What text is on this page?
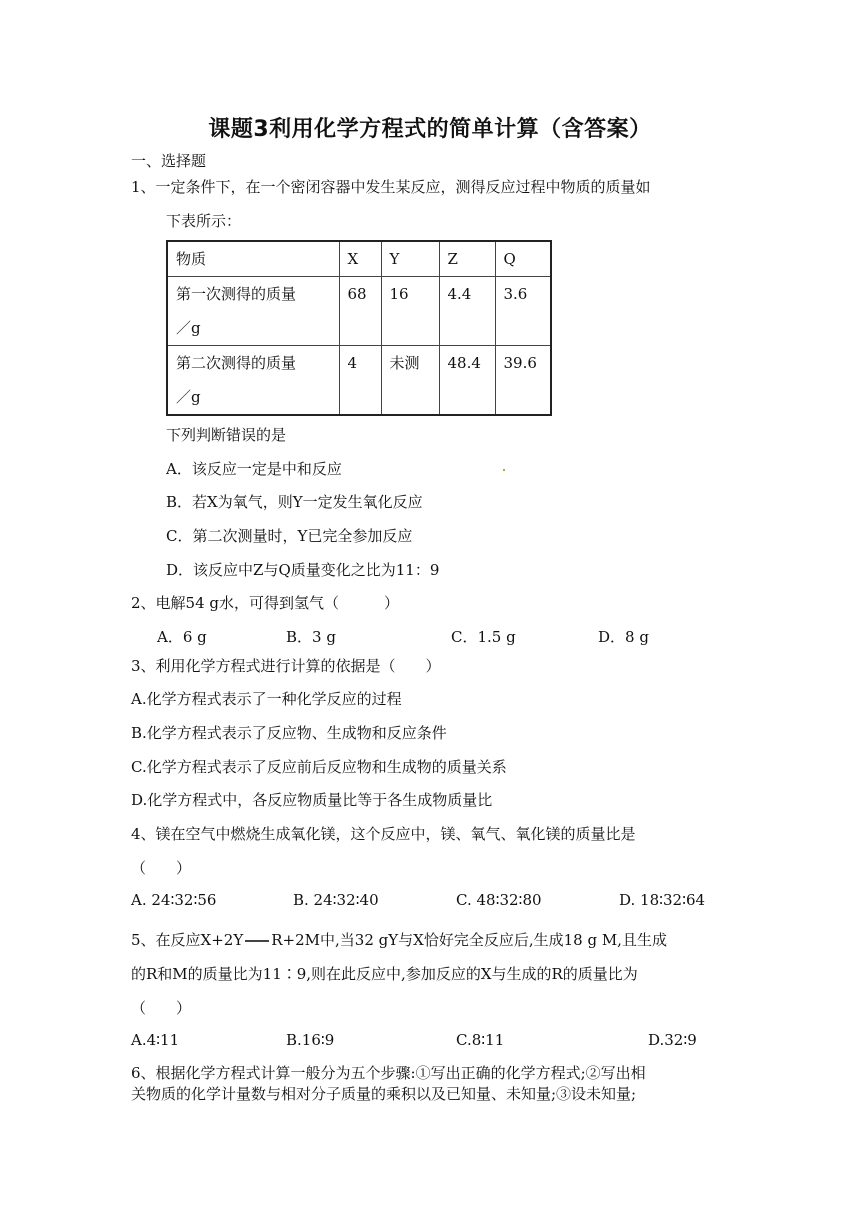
课题3利用化学方程式的简单计算（含答案）
一、选择题
1、一定条件下，在一个密闭容器中发生某反应，测得反应过程中物质的质量如
下表所示：
物质	X	Y	Z	Q

第一次测得的质量
／g	68	16	4.4	3.6

第二次测得的质量
／g	4	未测	48.4	39.6
下列判断错误的是
A．该反应一定是中和反应
B．若X为氧气，则Y一定发生氧化反应
C．第二次测量时，Y已完全参加反应
D．该反应中Z与Q质量变化之比为11：9
2、电解54 g水，可得到氢气（　　　）
A．6 g	B．3 g	C．1.5 g	D．8 g
3、利用化学方程式进行计算的依据是（　　）
A.化学方程式表示了一种化学反应的过程
B.化学方程式表示了反应物、生成物和反应条件
C.化学方程式表示了反应前后反应物和生成物的质量关系
D.化学方程式中，各反应物质量比等于各生成物质量比
4、镁在空气中燃烧生成氧化镁，这个反应中，镁、氧气、氧化镁的质量比是
（　　）
A. 24∶32∶56	B. 24∶32∶40	C. 48∶32∶80	D. 18∶32∶64
5、在反应X+2Y R+2M中,当32 gY与X恰好完全反应后,生成18 g M,且生成
的R和M的质量比为11∶9,则在此反应中,参加反应的X与生成的R的质量比为
（　　）
A.4∶11	B.16∶9	C.8∶11	D.32∶9
6、根据化学方程式计算一般分为五个步骤:①写出正确的化学方程式;②写出相
关物质的化学计量数与相对分子质量的乘积以及已知量、未知量;③设未知量;
